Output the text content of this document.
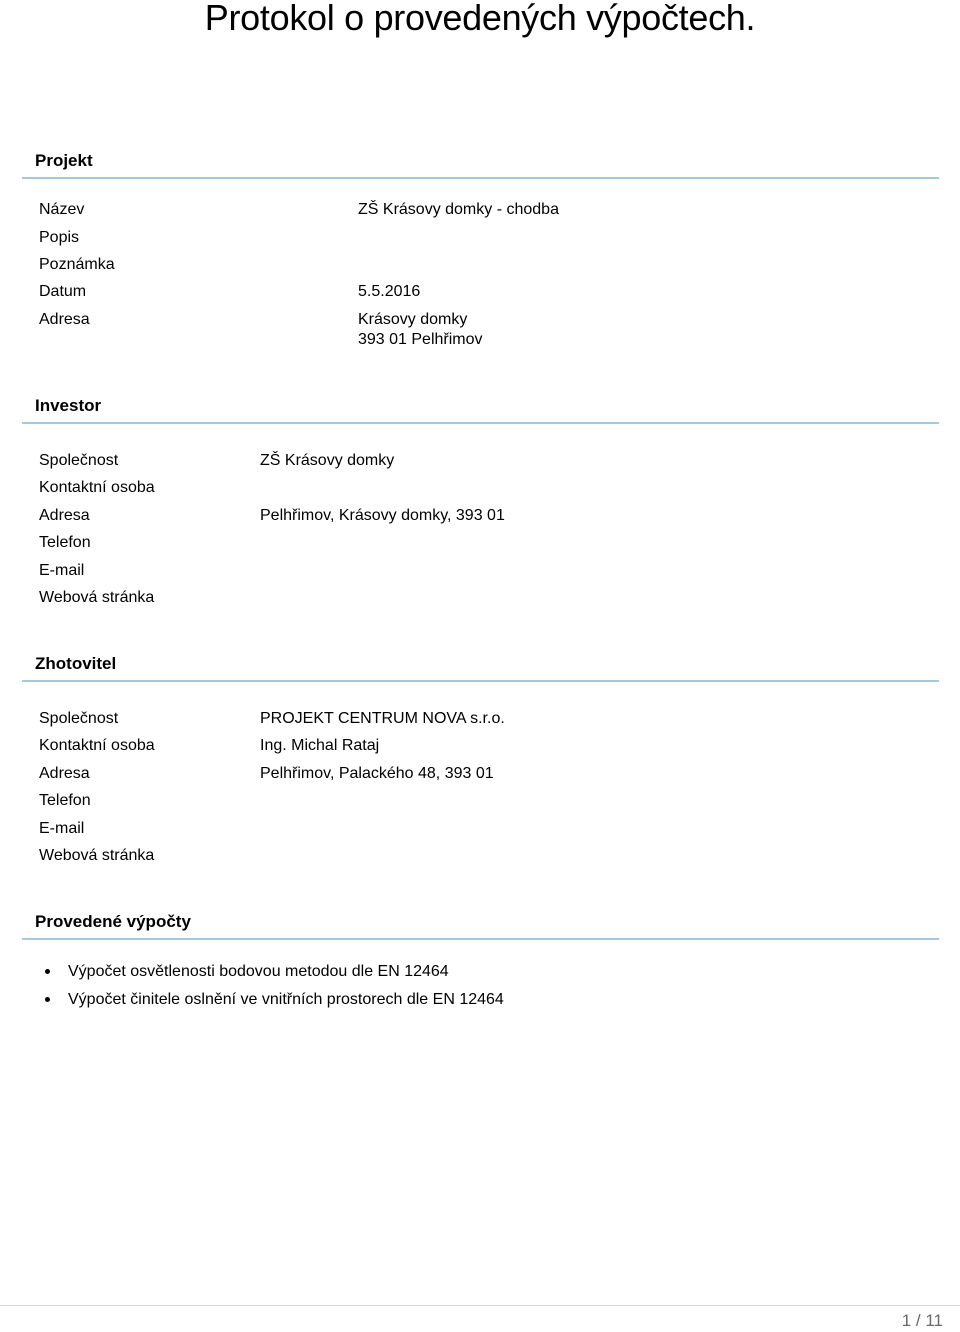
Protokol o provedených výpočtech.
Projekt
Název	ZŠ Krásovy domky - chodba
Popis
Poznámka
Datum	5.5.2016
Adresa	Krásovy domky
393 01 Pelhřimov
Investor
Společnost	ZŠ Krásovy domky
Kontaktní osoba
Adresa	Pelhřimov, Krásovy domky, 393 01
Telefon
E-mail
Webová stránka
Zhotovitel
Společnost	PROJEKT CENTRUM NOVA s.r.o.
Kontaktní osoba	Ing. Michal Rataj
Adresa	Pelhřimov, Palackého 48, 393 01
Telefon
E-mail
Webová stránka
Provedené výpočty
Výpočet osvětlenosti bodovou metodou dle EN 12464
Výpočet činitele oslnění ve vnitřních prostorech dle EN 12464
1 / 11
